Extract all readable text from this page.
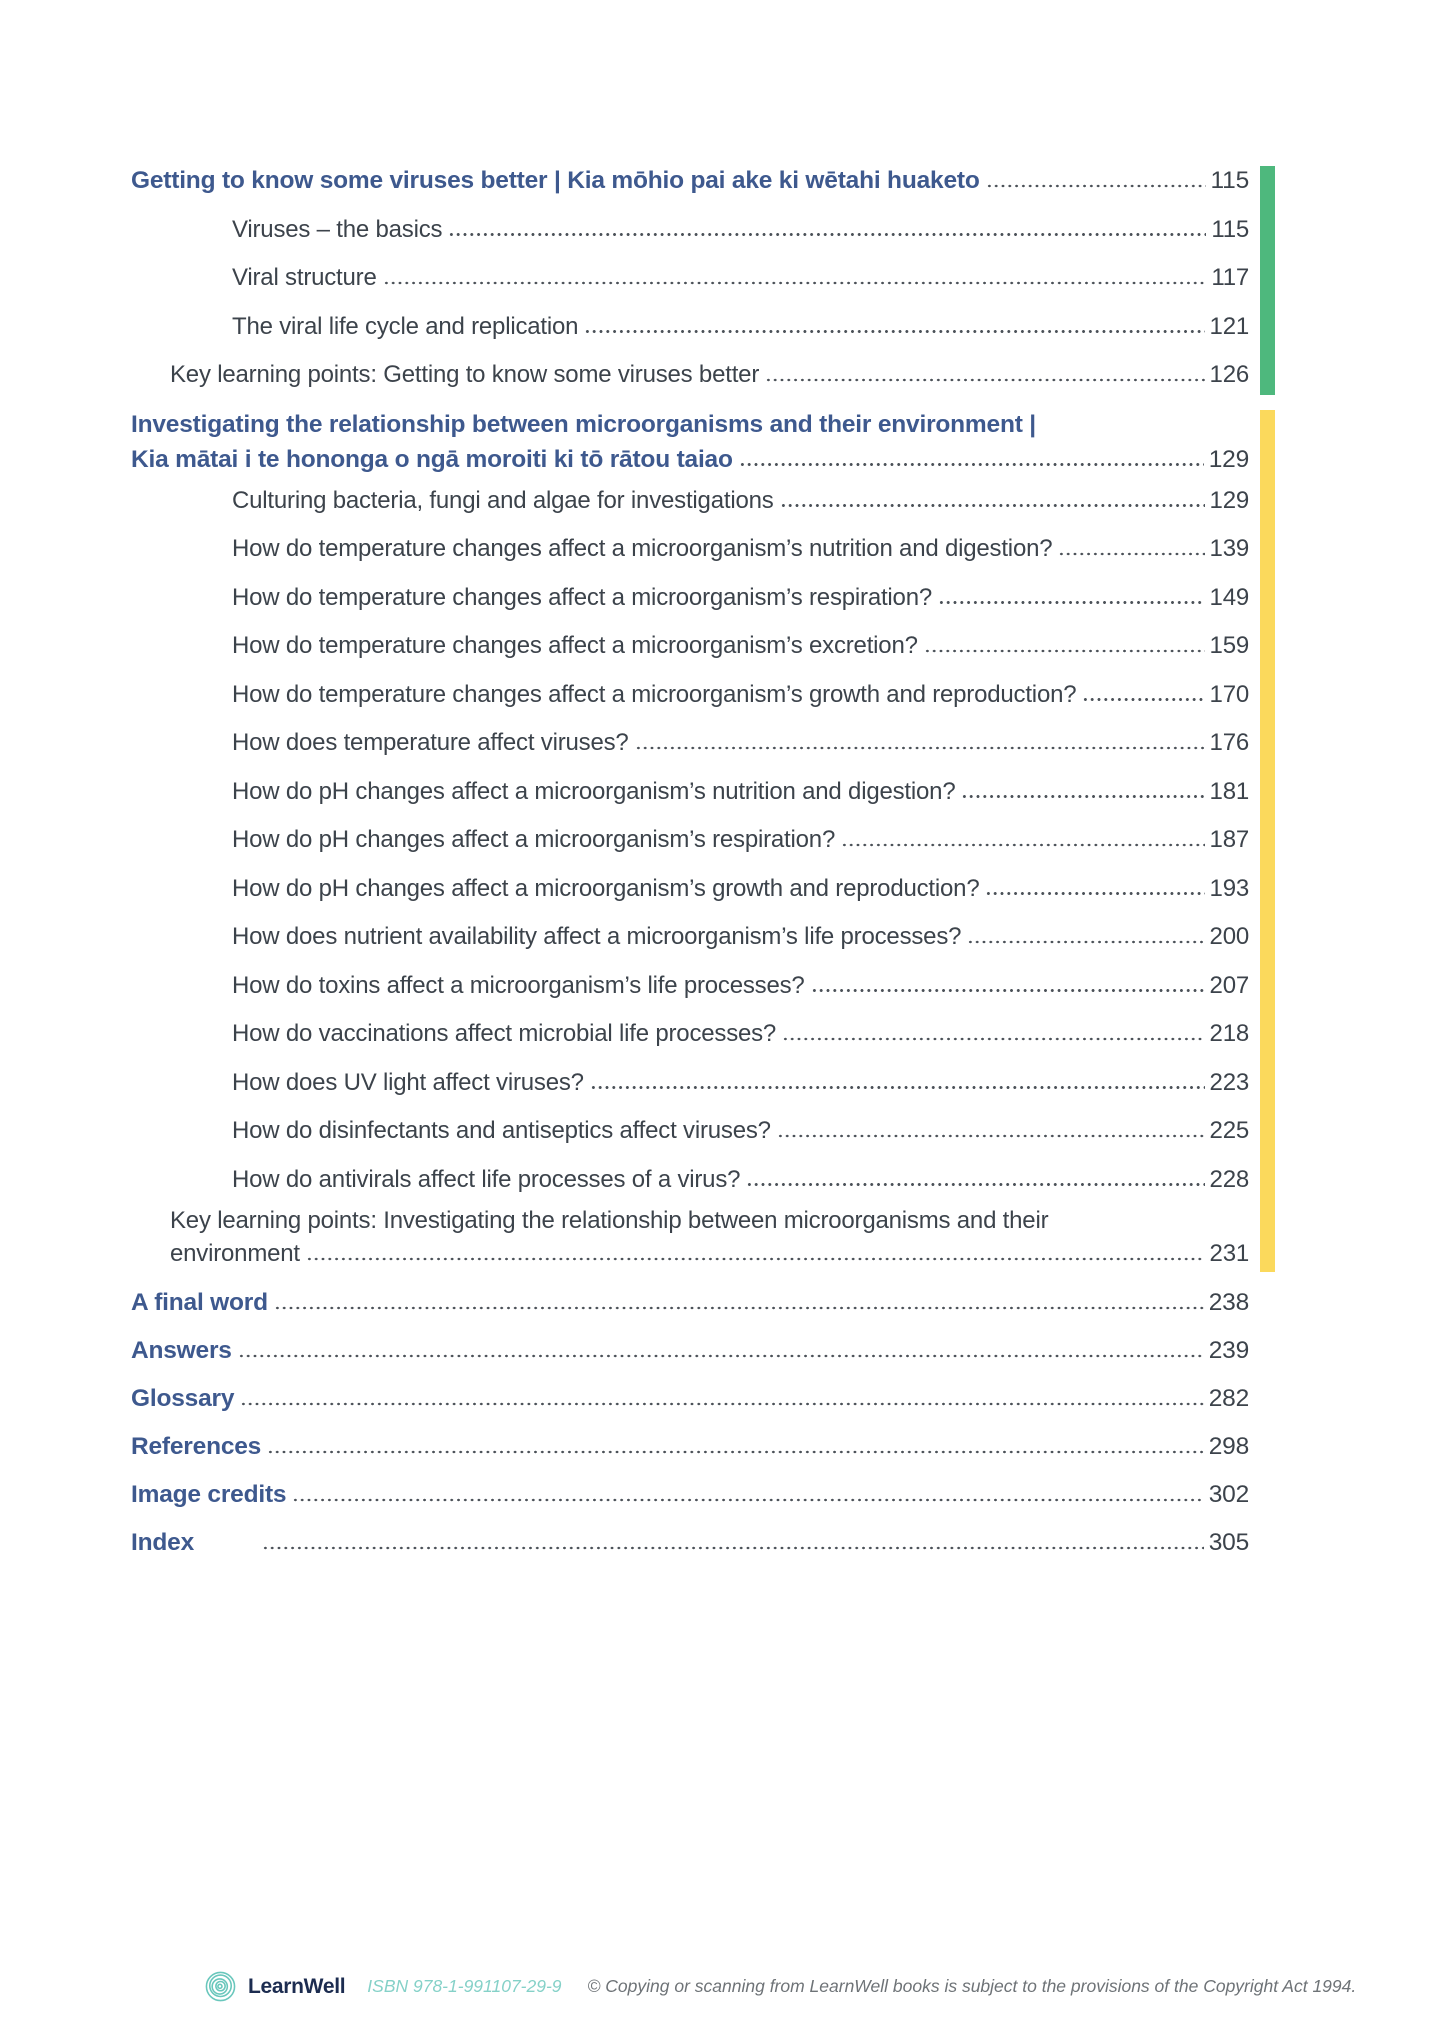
Getting to know some viruses better | Kia mōhio pai ake ki wētahi huaketo	115
Viruses – the basics	115
Viral structure	117
The viral life cycle and replication	121
Key learning points: Getting to know some viruses better	126
Investigating the relationship between microorganisms and their environment |
Kia mātai i te hononga o ngā moroiti ki tō rātou taiao	129
Culturing bacteria, fungi and algae for investigations	129
How do temperature changes affect a microorganism’s nutrition and digestion?	139
How do temperature changes affect a microorganism’s respiration?	149
How do temperature changes affect a microorganism’s excretion?	159
How do temperature changes affect a microorganism’s growth and reproduction?	170
How does temperature affect viruses?	176
How do pH changes affect a microorganism’s nutrition and digestion?	181
How do pH changes affect a microorganism’s respiration?	187
How do pH changes affect a microorganism’s growth and reproduction?	193
How does nutrient availability affect a microorganism’s life processes?	200
How do toxins affect a microorganism’s life processes?	207
How do vaccinations affect microbial life processes?	218
How does UV light affect viruses?	223
How do disinfectants and antiseptics affect viruses?	225
How do antivirals affect life processes of a virus?	228
Key learning points: Investigating the relationship between microorganisms and their
environment	231
A final word	238
Answers	239
Glossary	282
References	298
Image credits	302
Index	305
LearnWell ISBN 978-1-991107-29-9 © Copying or scanning from LearnWell books is subject to the provisions of the Copyright Act 1994.
